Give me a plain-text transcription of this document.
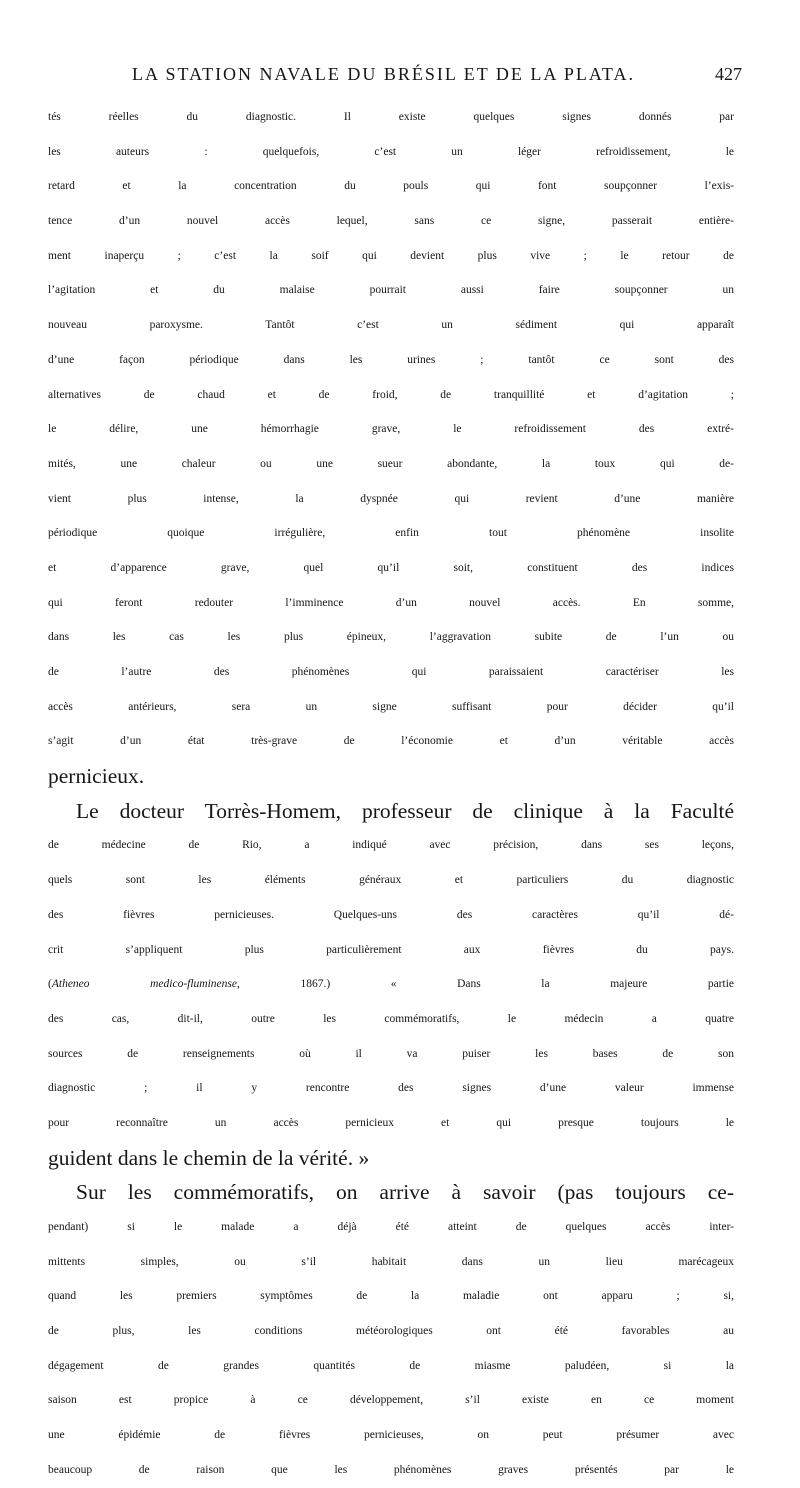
LA STATION NAVALE DU BRÉSIL ET DE LA PLATA.	427
tés réelles du diagnostic. Il existe quelques signes donnés par
les auteurs : quelquefois, c’est un léger refroidissement, le
retard et la concentration du pouls qui font soupçonner l’exis-
tence d’un nouvel accès lequel, sans ce signe, passerait entière-
ment inaperçu ; c’est la soif qui devient plus vive ; le retour de
l’agitation et du malaise pourrait aussi faire soupçonner un
nouveau paroxysme. Tantôt c’est un sédiment qui apparaît
d’une façon périodique dans les urines ; tantôt ce sont des
alternatives de chaud et de froid, de tranquillité et d’agitation ;
le délire, une hémorrhagie grave, le refroidissement des extré-
mités, une chaleur ou une sueur abondante, la toux qui de-
vient plus intense, la dyspnée qui revient d’une manière
périodique quoique irrégulière, enfin tout phénomène insolite
et d’apparence grave, quel qu’il soit, constituent des indices
qui feront redouter l’imminence d’un nouvel accès. En somme,
dans les cas les plus épineux, l’aggravation subite de l’un ou
de l’autre des phénomènes qui paraissaient caractériser les
accès antérieurs, sera un signe suffisant pour décider qu’il
s’agit d’un état très-grave de l’économie et d’un véritable accès
pernicieux.
Le docteur Torrès-Homem, professeur de clinique à la Faculté
de médecine de Rio, a indiqué avec précision, dans ses leçons,
quels sont les éléments généraux et particuliers du diagnostic
des fièvres pernicieuses. Quelques-uns des caractères qu’il dé-
crit s’appliquent plus particulièrement aux fièvres du pays.
(Atheneo medico-fluminense, 1867.) « Dans la majeure partie
des cas, dit-il, outre les commémoratifs, le médecin a quatre
sources de renseignements où il va puiser les bases de son
diagnostic ; il y rencontre des signes d’une valeur immense
pour reconnaître un accès pernicieux et qui presque toujours le
guident dans le chemin de la vérité. »
Sur les commémoratifs, on arrive à savoir (pas toujours ce-
pendant) si le malade a déjà été atteint de quelques accès inter-
mittents simples, ou s’il habitait dans un lieu marécageux
quand les premiers symptômes de la maladie ont apparu ; si,
de plus, les conditions météorologiques ont été favorables au
dégagement de grandes quantités de miasme paludéen, si la
saison est propice à ce développement, s’il existe en ce moment
une épidémie de fièvres pernicieuses, on peut présumer avec
beaucoup de raison que les phénomènes graves présentés par le
